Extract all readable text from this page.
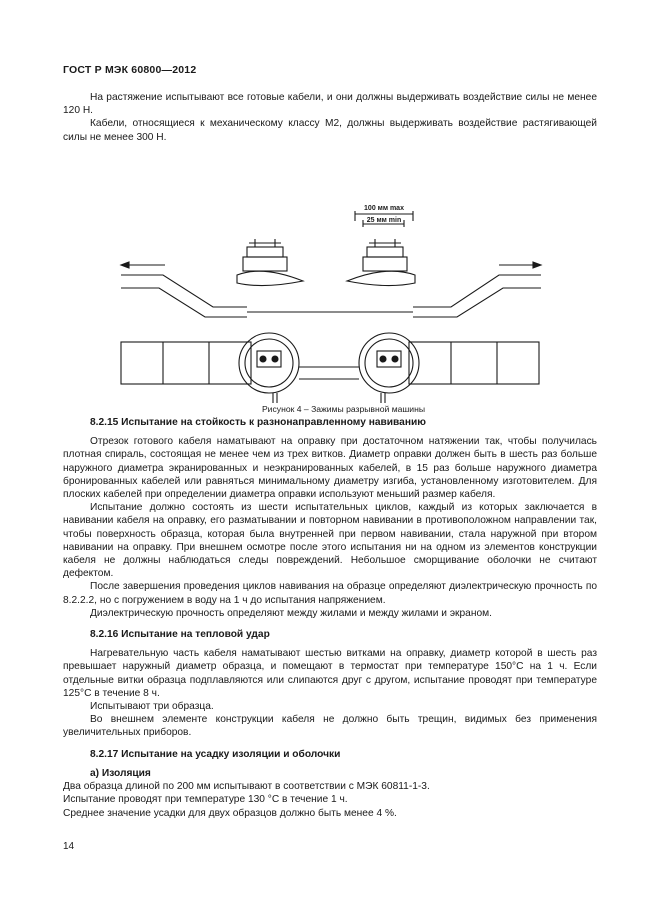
ГОСТ Р МЭК 60800—2012

На растяжение испытывают все готовые кабели, и они должны выдерживать воздействие силы не менее 120 Н.

Кабели, относящиеся к механическому классу М2, должны выдерживать воздействие растягивающей силы не менее 300 Н.

100 мм max
25 мм min

Рисунок 4 – Зажимы разрывной машины

8.2.15 Испытание на стойкость к разнонаправленному навиванию

Отрезок готового кабеля наматывают на оправку при достаточном натяжении так, чтобы получилась плотная спираль, состоящая не менее чем из трех витков. Диаметр оправки должен быть в шесть раз больше наружного диаметра экранированных и неэкранированных кабелей, в 15 раз больше наружного диаметра бронированных кабелей или равняться минимальному диаметру изгиба, установленному изготовителем. Для плоских кабелей при определении диаметра оправки используют меньший размер кабеля.

Испытание должно состоять из шести испытательных циклов, каждый из которых заключается в навивании кабеля на оправку, его разматывании и повторном навивании в противоположном направлении так, чтобы поверхность образца, которая была внутренней при первом навивании, стала наружной при втором навивании на оправку. При внешнем осмотре после этого испытания ни на одном из элементов конструкции кабеля не должны наблюдаться следы повреждений. Небольшое сморщивание оболочки не считают дефектом.

После завершения проведения циклов навивания на образце определяют диэлектрическую прочность по 8.2.2.2, но с погружением в воду на 1 ч до испытания напряжением.

Диэлектрическую прочность определяют между жилами и между жилами и экраном.

8.2.16 Испытание на тепловой удар

Нагревательную часть кабеля наматывают шестью витками на оправку, диаметр которой в шесть раз превышает наружный диаметр образца, и помещают в термостат при температуре 150°С на 1 ч. Если отдельные витки образца подплавляются или слипаются друг с другом, испытание проводят при температуре 125°С в течение 8 ч.

Испытывают три образца.

Во внешнем элементе конструкции кабеля не должно быть трещин, видимых без применения увеличительных приборов.

8.2.17 Испытание на усадку изоляции и оболочки
а) Изоляция

Два образца длиной по 200 мм испытывают в соответствии с МЭК 60811-1-3.

Испытание проводят при температуре 130 °С в течение 1 ч.

Среднее значение усадки для двух образцов должно быть менее 4 %.

14
